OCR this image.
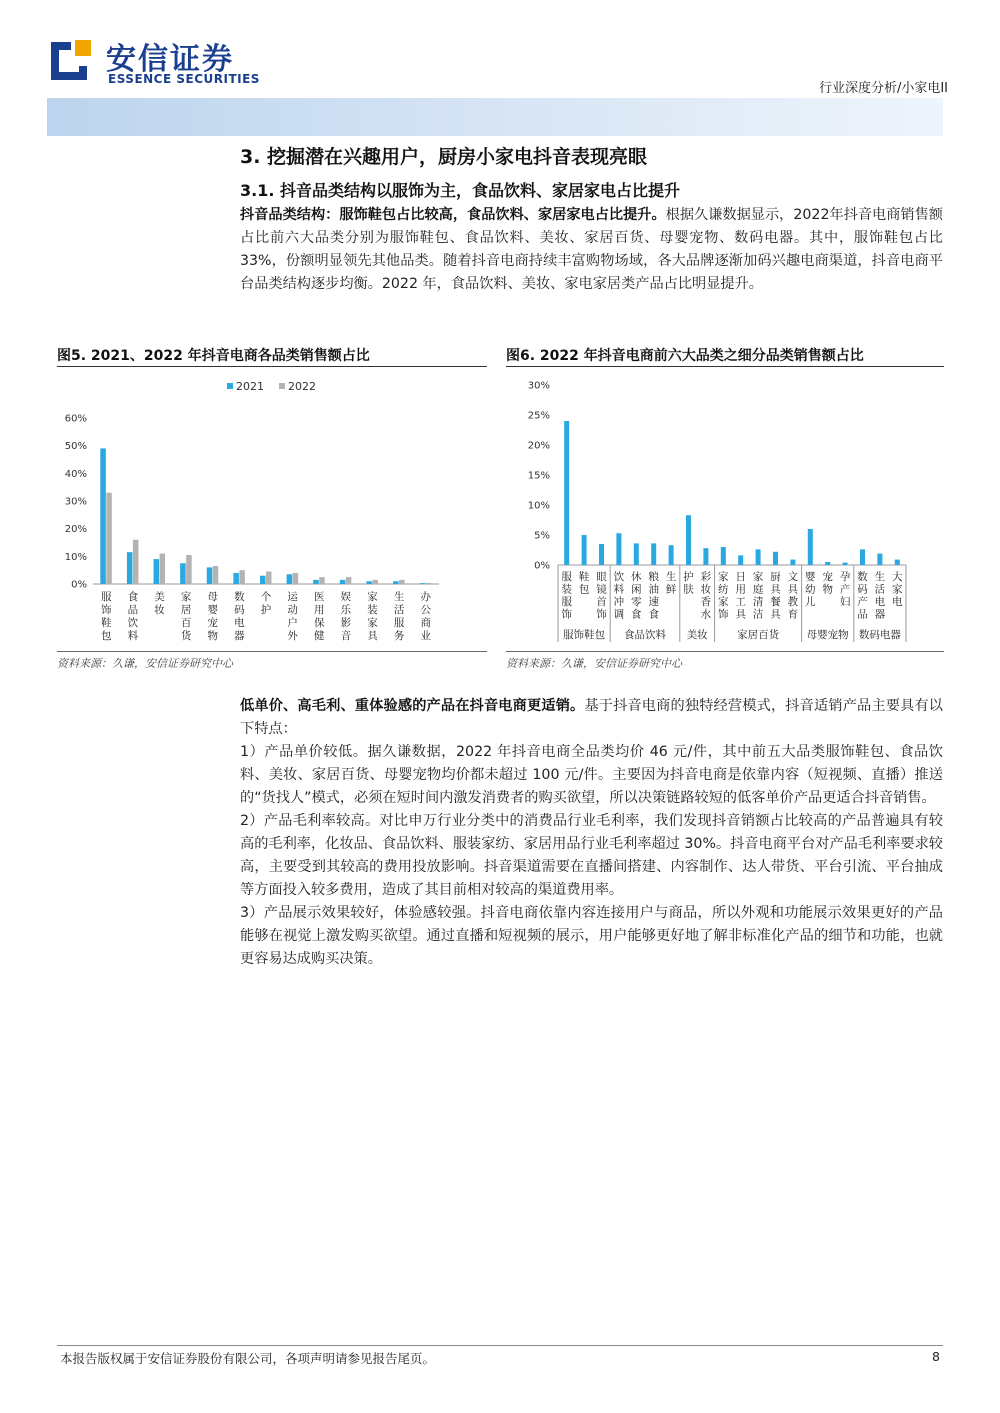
安信证券
ESSENCE SECURITIES
行业深度分析/小家电II
3. 挖掘潜在兴趣用户，厨房小家电抖音表现亮眼
3.1. 抖音品类结构以服饰为主，食品饮料、家居家电占比提升
抖音品类结构：服饰鞋包占比较高，食品饮料、家居家电占比提升。根据久谦数据显示，2022年抖音电商销售额占比前六大品类分别为服饰鞋包、食品饮料、美妆、家居百货、母婴宠物、数码电器。其中，服饰鞋包占比 33%，份额明显领先其他品类。随着抖音电商持续丰富购物场域，各大品牌逐渐加码兴趣电商渠道，抖音电商平台品类结构逐步均衡。2022 年，食品饮料、美妆、家电家居类产品占比明显提升。
图5. 2021、2022 年抖音电商各品类销售额占比
2021 2022
0%
10%
20%
30%
40%
50%
60%
服饰鞋包
食品饮料
美妆
家居百货
母婴宠物
数码电器
个护
运动户外
医用保健
娱乐影音
家装家具
生活服务
办公商业
资料来源：久谦，安信证券研究中心
图6. 2022 年抖音电商前六大品类之细分品类销售额占比
0%
5%
10%
15%
20%
25%
30%
服装服饰
鞋包
眼镜首饰
饮料冲调
休闲零食
粮油速食
生鲜
护肤
彩妆香水
家纺家饰
日用工具
家庭清洁
厨具餐具
文具教育
婴幼儿
宠物
孕产妇
数码产品
生活电器
大家电
服饰鞋包 食品饮料 美妆	家居百货	母婴宠物 数码电器
资料来源：久谦，安信证券研究中心
低单价、高毛利、重体验感的产品在抖音电商更适销。基于抖音电商的独特经营模式，抖音适销产品主要具有以下特点：
1）产品单价较低。据久谦数据，2022 年抖音电商全品类均价 46 元/件，其中前五大品类服饰鞋包、食品饮料、美妆、家居百货、母婴宠物均价都未超过 100 元/件。主要因为抖音电商是依靠内容（短视频、直播）推送的“货找人”模式，必须在短时间内激发消费者的购买欲望，所以决策链路较短的低客单价产品更适合抖音销售。
2）产品毛利率较高。对比申万行业分类中的消费品行业毛利率，我们发现抖音销额占比较高的产品普遍具有较高的毛利率，化妆品、食品饮料、服装家纺、家居用品行业毛利率超过 30%。抖音电商平台对产品毛利率要求较高，主要受到其较高的费用投放影响。抖音渠道需要在直播间搭建、内容制作、达人带货、平台引流、平台抽成等方面投入较多费用，造成了其目前相对较高的渠道费用率。
3）产品展示效果较好，体验感较强。抖音电商依靠内容连接用户与商品，所以外观和功能展示效果更好的产品能够在视觉上激发购买欲望。通过直播和短视频的展示，用户能够更好地了解非标准化产品的细节和功能，也就更容易达成购买决策。
本报告版权属于安信证券股份有限公司，各项声明请参见报告尾页。	8
